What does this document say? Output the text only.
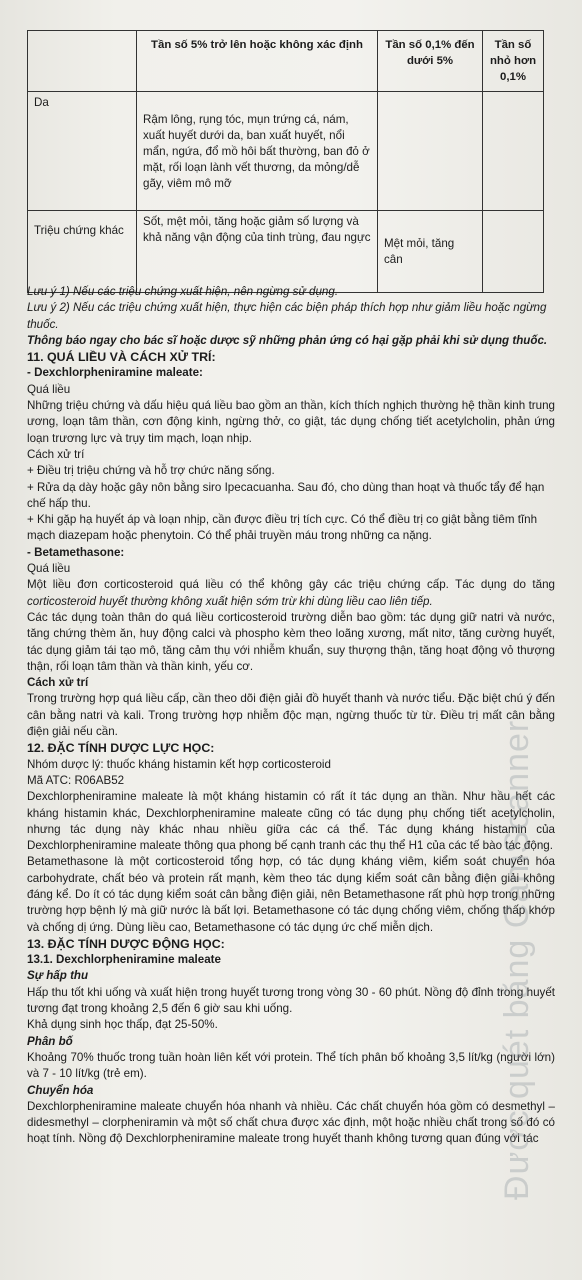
	Tần số 5% trở lên hoặc không xác định	Tần số 0,1% đến dưới 5%	Tần số nhỏ hơn 0,1%
Da	Rậm lông, rụng tóc, mụn trứng cá, nám, xuất huyết dưới da, ban xuất huyết, nổi mẩn, ngứa, đổ mồ hôi bất thường, ban đỏ ở mặt, rối loạn lành vết thương, da mỏng/dễ gãy, viêm mô mỡ		
Triệu chứng khác	Sốt, mệt mỏi, tăng hoặc giảm số lượng và khả năng vận động của tinh trùng, đau ngực	Mệt mỏi, tăng cân	

Lưu ý 1) Nếu các triệu chứng xuất hiện, nên ngừng sử dụng.

Lưu ý 2) Nếu các triệu chứng xuất hiện, thực hiện các biện pháp thích hợp như giảm liều hoặc ngừng thuốc.

Thông báo ngay cho bác sĩ hoặc dược sỹ những phản ứng có hại gặp phải khi sử dụng thuốc.

11. QUÁ LIỀU VÀ CÁCH XỬ TRÍ:

- Dexchlorpheniramine maleate:

Quá liều

Những triệu chứng và dấu hiệu quá liều bao gồm an thần, kích thích nghịch thường hệ thần kinh trung ương, loạn tâm thần, cơn động kinh, ngừng thở, co giật, tác dụng chống tiết acetylcholin, phản ứng loạn trương lực và trụy tim mạch, loạn nhịp.

Cách xử trí

+ Điều trị triệu chứng và hỗ trợ chức năng sống.

+ Rửa dạ dày hoặc gây nôn bằng siro Ipecacuanha. Sau đó, cho dùng than hoạt và thuốc tẩy để hạn chế hấp thu.

+ Khi gặp hạ huyết áp và loạn nhịp, cần được điều trị tích cực. Có thể điều trị co giật bằng tiêm tĩnh mạch diazepam hoặc phenytoin. Có thể phải truyền máu trong những ca nặng.

- Betamethasone:

Quá liều

Một liều đơn corticosteroid quá liều có thể không gây các triệu chứng cấp. Tác dụng do tăng corticosteroid huyết thường không xuất hiện sớm trừ khi dùng liều cao liên tiếp.

Các tác dụng toàn thân do quá liều corticosteroid trường diễn bao gồm: tác dụng giữ natri và nước, tăng chứng thèm ăn, huy động calci và phospho kèm theo loãng xương, mất nitơ, tăng cường huyết, tác dụng giảm tái tạo mô, tăng cảm thụ với nhiễm khuẩn, suy thượng thận, tăng hoạt động vỏ thượng thận, rối loạn tâm thần và thần kinh, yếu cơ.

Cách xử trí

Trong trường hợp quá liều cấp, cần theo dõi điện giải đồ huyết thanh và nước tiểu. Đặc biệt chú ý đến cân bằng natri và kali. Trong trường hợp nhiễm độc mạn, ngừng thuốc từ từ. Điều trị mất cân bằng điện giải nếu cần.

12. ĐẶC TÍNH DƯỢC LỰC HỌC:

Nhóm dược lý: thuốc kháng histamin kết hợp corticosteroid

Mã ATC: R06AB52

Dexchlorpheniramine maleate là một kháng histamin có rất ít tác dụng an thần. Như hầu hết các kháng histamin khác, Dexchlorpheniramine maleate cũng có tác dụng phụ chống tiết acetylcholin, nhưng tác dụng này khác nhau nhiều giữa các cá thể. Tác dụng kháng histamin của Dexchlorpheniramine maleate thông qua phong bế cạnh tranh các thụ thể H1 của các tế bào tác động.

Betamethasone là một corticosteroid tổng hợp, có tác dụng kháng viêm, kiểm soát chuyển hóa carbohydrate, chất béo và protein rất mạnh, kèm theo tác dụng kiểm soát cân bằng điện giải không đáng kể. Do ít có tác dụng kiểm soát cân bằng điện giải, nên Betamethasone rất phù hợp trong những trường hợp bệnh lý mà giữ nước là bất lợi. Betamethasone có tác dụng chống viêm, chống thấp khớp và chống dị ứng. Dùng liều cao, Betamethasone có tác dụng ức chế miễn dịch.

13. ĐẶC TÍNH DƯỢC ĐỘNG HỌC:

13.1. Dexchlorpheniramine maleate

Sự hấp thu

Hấp thu tốt khi uống và xuất hiện trong huyết tương trong vòng 30 - 60 phút. Nồng độ đỉnh trong huyết tương đạt trong khoảng 2,5 đến 6 giờ sau khi uống.

Khả dụng sinh học thấp, đạt 25-50%.

Phân bố

Khoảng 70% thuốc trong tuần hoàn liên kết với protein. Thể tích phân bố khoảng 3,5 lít/kg (người lớn) và 7 - 10 lít/kg (trẻ em).

Chuyển hóa

Dexchlorpheniramine maleate chuyển hóa nhanh và nhiều. Các chất chuyển hóa gồm có desmethyl – didesmethyl – clorpheniramin và một số chất chưa được xác định, một hoặc nhiều chất trong số đó có hoạt tính. Nồng độ Dexchlorpheniramine maleate trong huyết thanh không tương quan đúng với tác

Được quét bằng CamScanner
